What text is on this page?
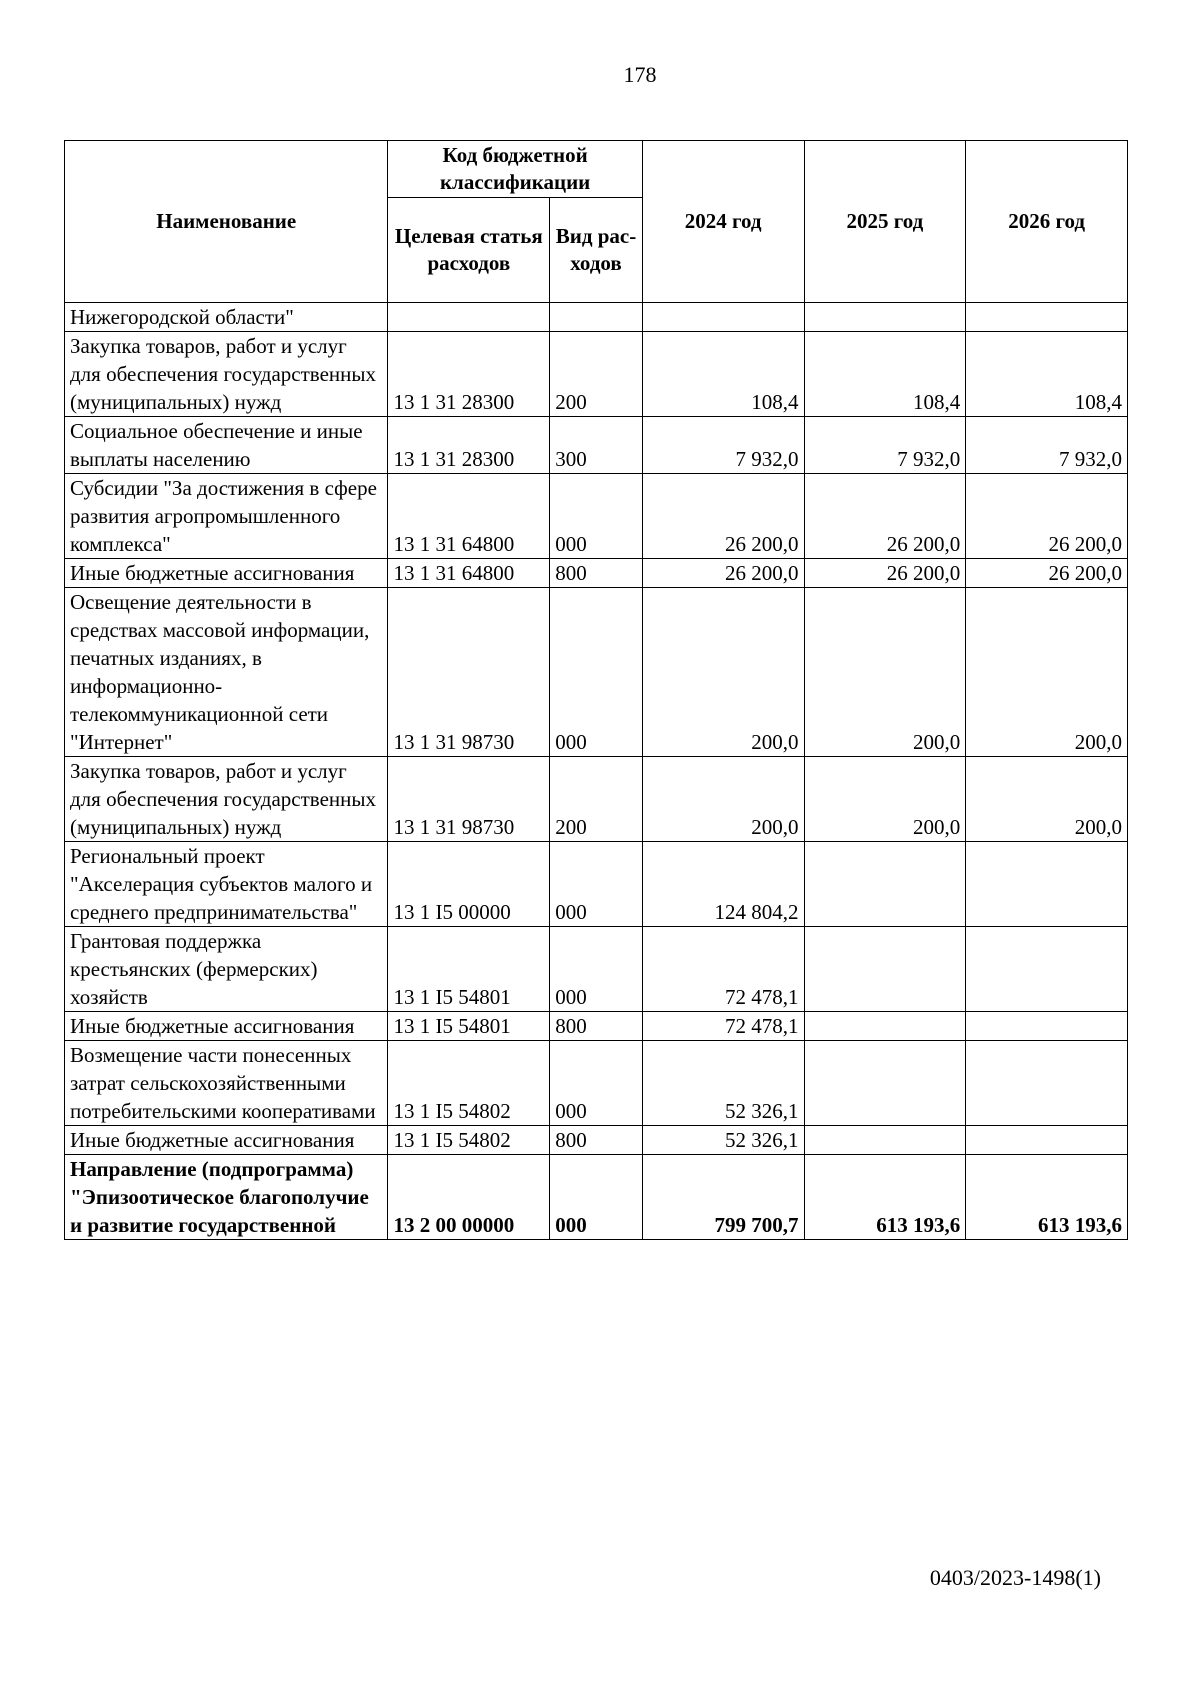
178
Наименование	Код бюджетной классификации		2024 год	2025 год	2026 год
	Целевая статья расходов	Вид рас-ходов			
Нижегородской области"					
Закупка товаров, работ и услуг для обеспечения государственных (муниципальных) нужд	13 1 31 28300	200	108,4	108,4	108,4
Социальное обеспечение и иные выплаты населению	13 1 31 28300	300	7 932,0	7 932,0	7 932,0
Субсидии "За достижения в сфере развития агропромышленного комплекса"	13 1 31 64800	000	26 200,0	26 200,0	26 200,0
Иные бюджетные ассигнования	13 1 31 64800	800	26 200,0	26 200,0	26 200,0
Освещение деятельности в средствах массовой информации, печатных изданиях, в информационно-телекоммуникационной сети "Интернет"	13 1 31 98730	000	200,0	200,0	200,0
Закупка товаров, работ и услуг для обеспечения государственных (муниципальных) нужд	13 1 31 98730	200	200,0	200,0	200,0
Региональный проект "Акселерация субъектов малого и среднего предпринимательства"	13 1 I5 00000	000	124 804,2		
Грантовая поддержка крестьянских (фермерских) хозяйств	13 1 I5 54801	000	72 478,1		
Иные бюджетные ассигнования	13 1 I5 54801	800	72 478,1		
Возмещение части понесенных затрат сельскохозяйственными потребительскими кооперативами	13 1 I5 54802	000	52 326,1		
Иные бюджетные ассигнования	13 1 I5 54802	800	52 326,1		
Направление (подпрограмма) "Эпизоотическое благополучие и развитие государственной	13 2 00 00000	000	799 700,7	613 193,6	613 193,6
0403/2023-1498(1)
